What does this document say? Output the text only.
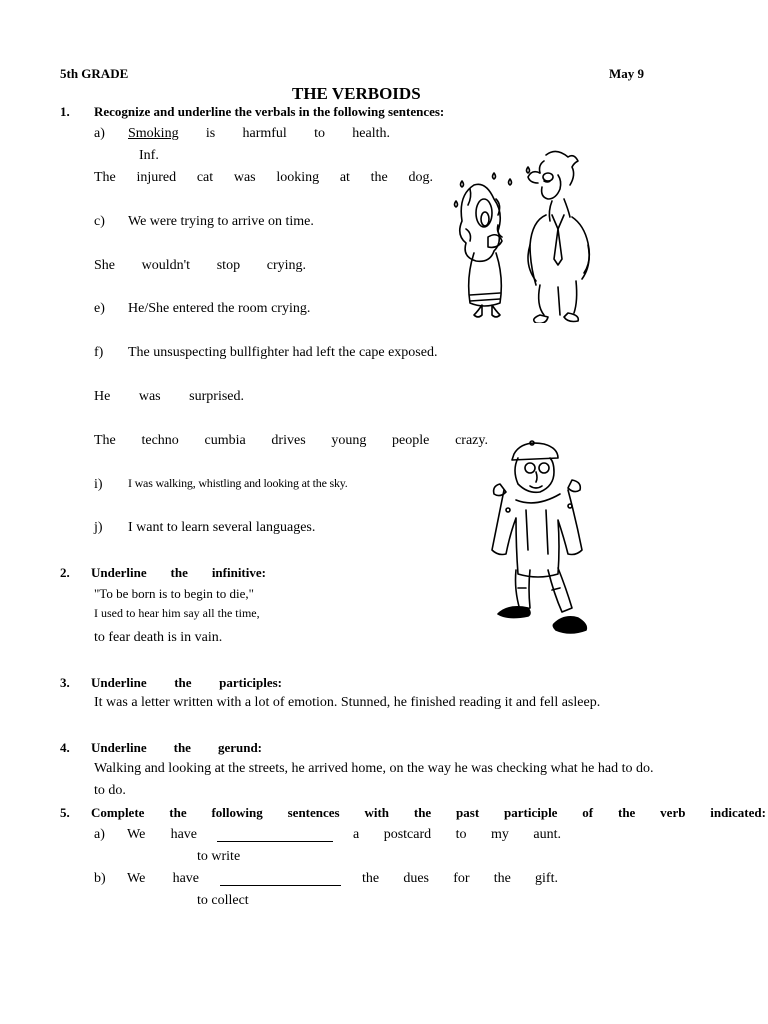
5th GRADE	May 9
THE VERBOIDS
1. Recognize and underline the verbals in the following sentences:
a) Smoking is harmful to health.
Inf.
The injured cat was looking at the dog.
c) We were trying to arrive on time.
She wouldn't stop crying.
e) He/She entered the room crying.
f) The unsuspecting bullfighter had left the cape exposed.
He was surprised.
The techno cumbia drives young people crazy.
i) I was walking, whistling and looking at the sky.
j) I want to learn several languages.
2. Underline the infinitive:
"To be born is to begin to die,"
I used to hear him say all the time,
to fear death is in vain.
3. Underline the participles:
It was a letter written with a lot of emotion. Stunned, he finished reading it and fell asleep.
4. Underline the gerund:
Walking and looking at the streets, he arrived home, on the way he was checking what he had to do.
to do.
5. Complete the following sentences with the past participle of the verb indicated:
a) We have	a postcard to my aunt.
to write
b) We have	the dues for the gift.
to collect
